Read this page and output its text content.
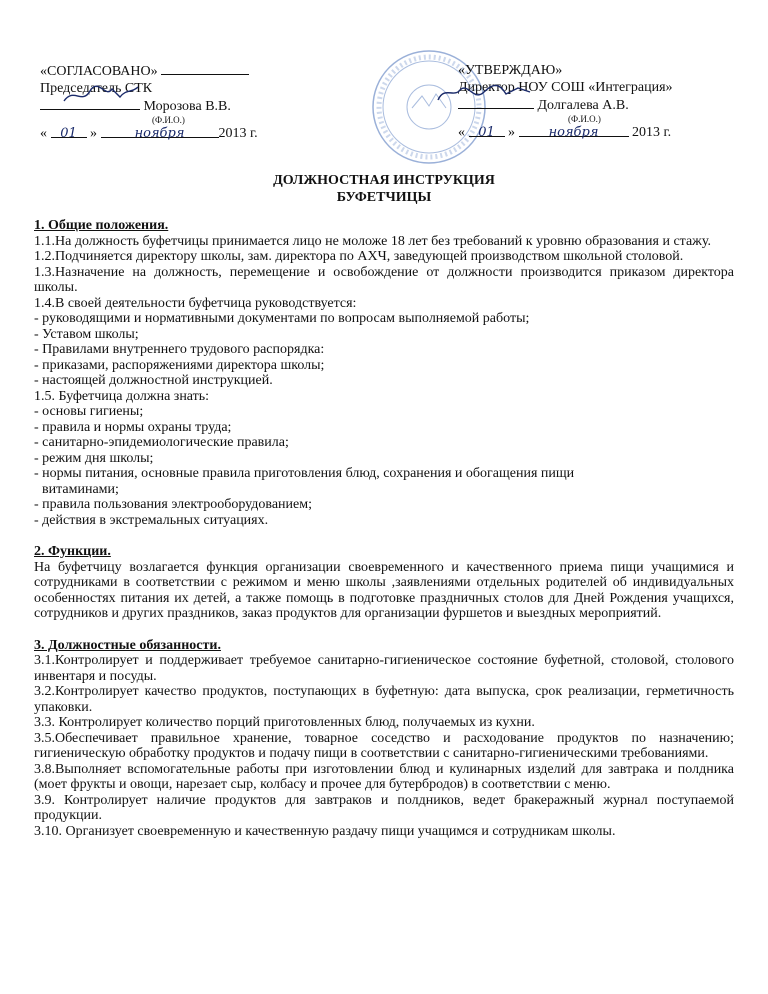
«СОГЛАСОВАНО»
Председатель СТК
Морозова В.В.
(Ф.И.О.)
« 01 »	ноября 2013 г.
«УТВЕРЖДАЮ»
Директор НОУ СОШ «Интеграция»
Долгалева А.В.
(Ф.И.О.)
« 01 » ноября 2013 г.
ДОЛЖНОСТНАЯ ИНСТРУКЦИЯ
БУФЕТЧИЦЫ

1. Общие положения.

1.1.На должность буфетчицы принимается лицо не моложе 18 лет без требований к уровню образования и стажу.

1.2.Подчиняется директору школы, зам. директора по АХЧ, заведующей производством школьной столовой.

1.3.Назначение на должность, перемещение и освобождение от должности производится приказом директора школы.

1.4.В своей деятельности буфетчица руководствуется:

- руководящими и нормативными документами по вопросам выполняемой работы;

- Уставом школы;

- Правилами внутреннего трудового распорядка:

- приказами, распоряжениями директора школы;

- настоящей должностной инструкцией.

1.5. Буфетчица должна знать:

- основы гигиены;

- правила и нормы охраны труда;

- санитарно-эпидемиологические правила;

- режим дня школы;

- нормы питания, основные правила приготовления блюд, сохранения и обогащения пищи

витаминами;

- правила пользования электрооборудованием;

- действия в экстремальных ситуациях.

2. Функции.

На буфетчицу возлагается функция организации своевременного и качественного приема пищи учащимися и сотрудниками в соответствии с режимом и меню школы ,заявлениями отдельных родителей об индивидуальных особенностях питания их детей, а также помощь в подготовке праздничных столов для Дней Рождения учащихся, сотрудников и других праздников, заказ продуктов для организации фуршетов и выездных мероприятий.

3. Должностные обязанности.

3.1.Контролирует и поддерживает требуемое санитарно-гигиеническое состояние буфетной, столовой, столового инвентаря и посуды.

3.2.Контролирует качество продуктов, поступающих в буфетную: дата выпуска, срок реализации, герметичность упаковки.

3.3. Контролирует количество порций приготовленных блюд, получаемых из кухни.

3.5.Обеспечивает правильное хранение, товарное соседство и расходование продуктов по назначению; гигиеническую обработку продуктов и подачу пищи в соответствии с санитарно-гигиеническими требованиями.

3.8.Выполняет вспомогательные работы при изготовлении блюд и кулинарных изделий для завтрака и полдника (моет фрукты и овощи, нарезает сыр, колбасу и прочее для бутербродов) в соответствии с меню.

3.9. Контролирует наличие продуктов для завтраков и полдников, ведет бракеражный журнал поступаемой продукции.

3.10. Организует своевременную и качественную раздачу пищи учащимся и сотрудникам школы.
